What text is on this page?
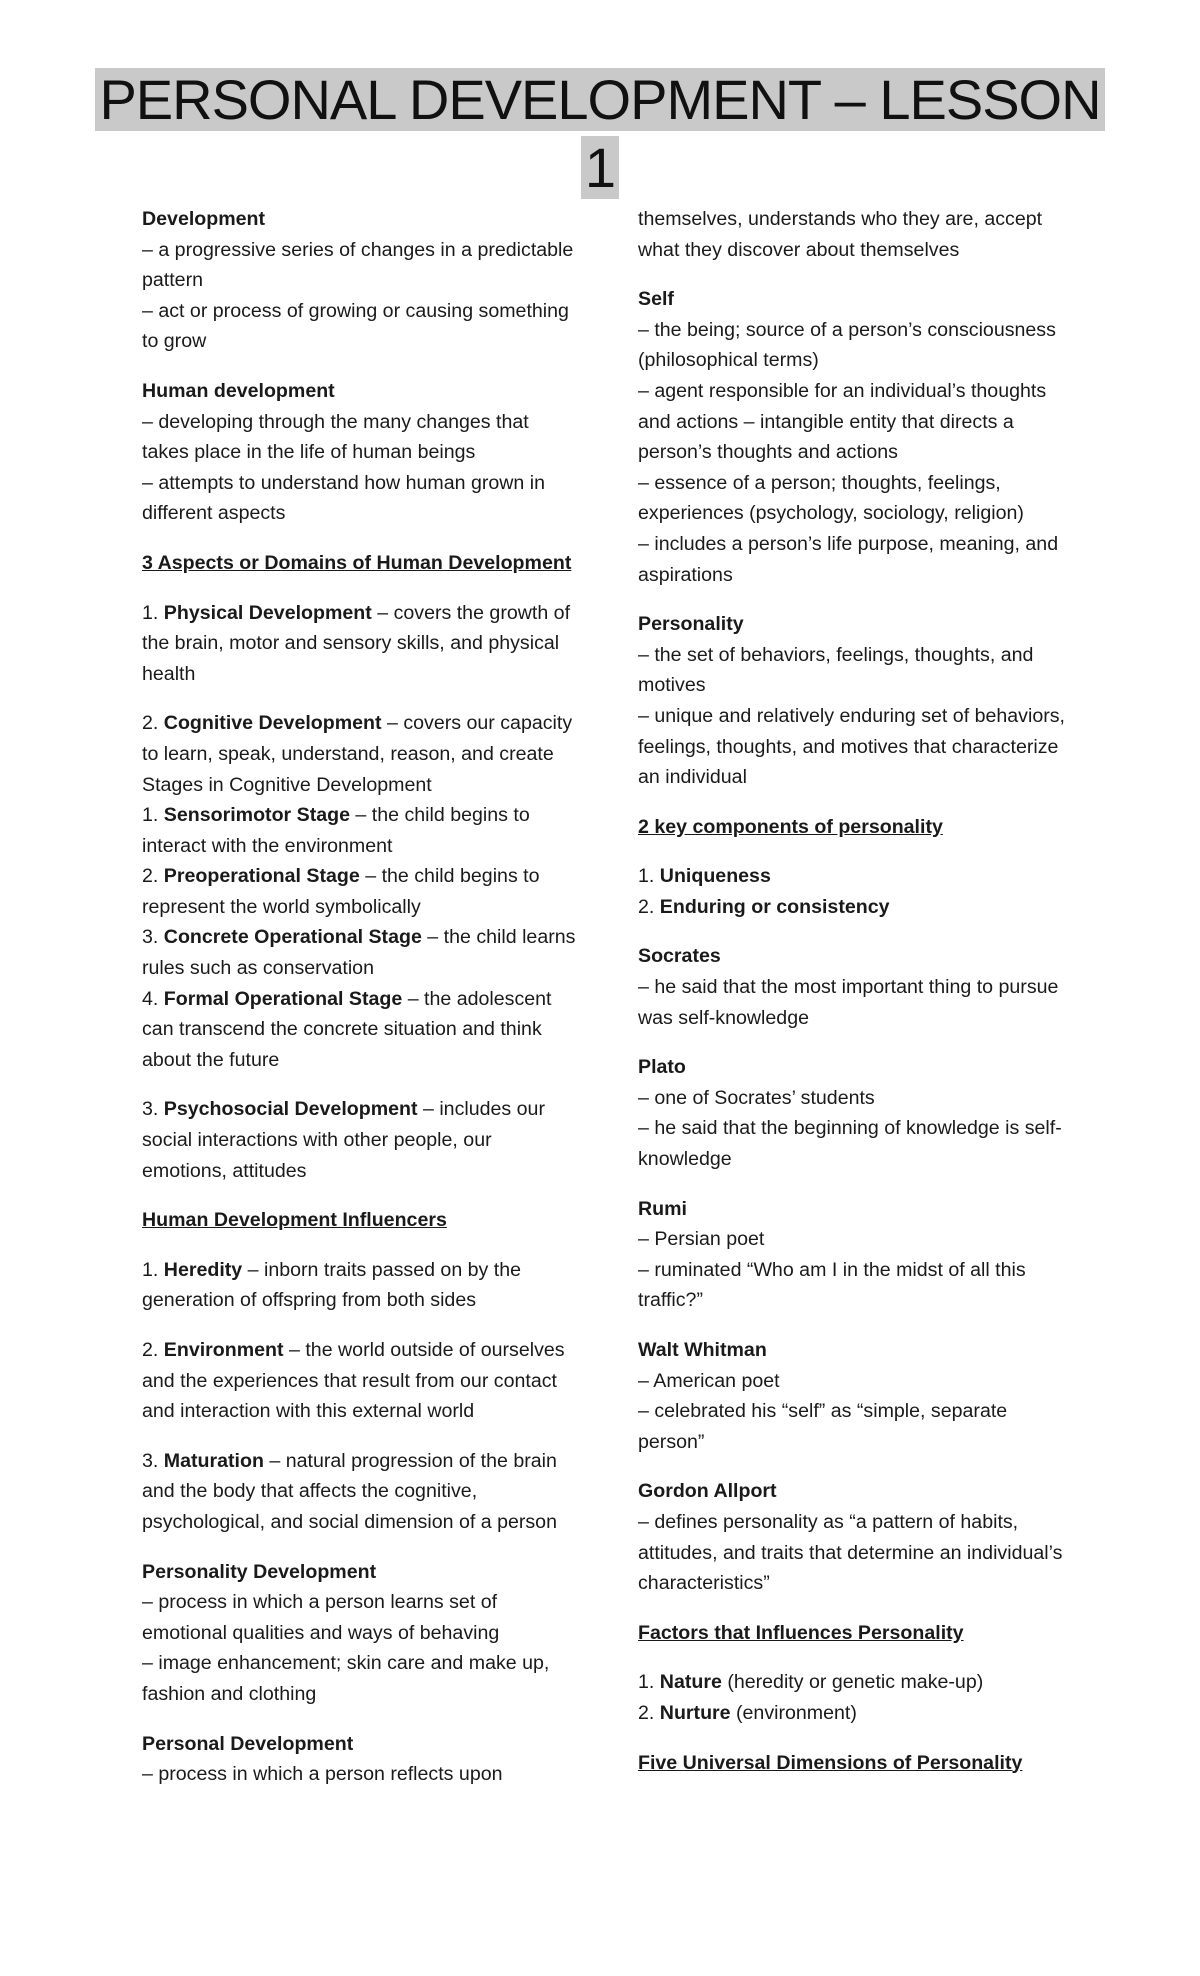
PERSONAL DEVELOPMENT – LESSON
1
Development
– a progressive series of changes in a predictable pattern
– act or process of growing or causing something to grow
Human development
– developing through the many changes that takes place in the life of human beings
– attempts to understand how human grown in different aspects
3 Aspects or Domains of Human Development
1. Physical Development – covers the growth of the brain, motor and sensory skills, and physical health
2. Cognitive Development – covers our capacity to learn, speak, understand, reason, and create
Stages in Cognitive Development
1. Sensorimotor Stage – the child begins to interact with the environment
2. Preoperational Stage – the child begins to represent the world symbolically
3. Concrete Operational Stage – the child learns rules such as conservation
4. Formal Operational Stage – the adolescent can transcend the concrete situation and think about the future
3. Psychosocial Development – includes our social interactions with other people, our emotions, attitudes
Human Development Influencers
1. Heredity – inborn traits passed on by the generation of offspring from both sides
2. Environment – the world outside of ourselves and the experiences that result from our contact and interaction with this external world
3. Maturation – natural progression of the brain and the body that affects the cognitive, psychological, and social dimension of a person
Personality Development
– process in which a person learns set of emotional qualities and ways of behaving
– image enhancement; skin care and make up, fashion and clothing
Personal Development
– process in which a person reflects upon
themselves, understands who they are, accept what they discover about themselves
Self
– the being; source of a person’s consciousness (philosophical terms)
– agent responsible for an individual’s thoughts and actions – intangible entity that directs a person’s thoughts and actions
– essence of a person; thoughts, feelings, experiences (psychology, sociology, religion)
– includes a person’s life purpose, meaning, and aspirations
Personality
– the set of behaviors, feelings, thoughts, and motives
– unique and relatively enduring set of behaviors, feelings, thoughts, and motives that characterize an individual
2 key components of personality
1. Uniqueness
2. Enduring or consistency
Socrates
– he said that the most important thing to pursue was self-knowledge
Plato
– one of Socrates’ students
– he said that the beginning of knowledge is self-knowledge
Rumi
– Persian poet
– ruminated “Who am I in the midst of all this traffic?”
Walt Whitman
– American poet
– celebrated his “self” as “simple, separate person”
Gordon Allport
– defines personality as “a pattern of habits, attitudes, and traits that determine an individual’s characteristics”
Factors that Influences Personality
1. Nature (heredity or genetic make-up)
2. Nurture (environment)
Five Universal Dimensions of Personality
